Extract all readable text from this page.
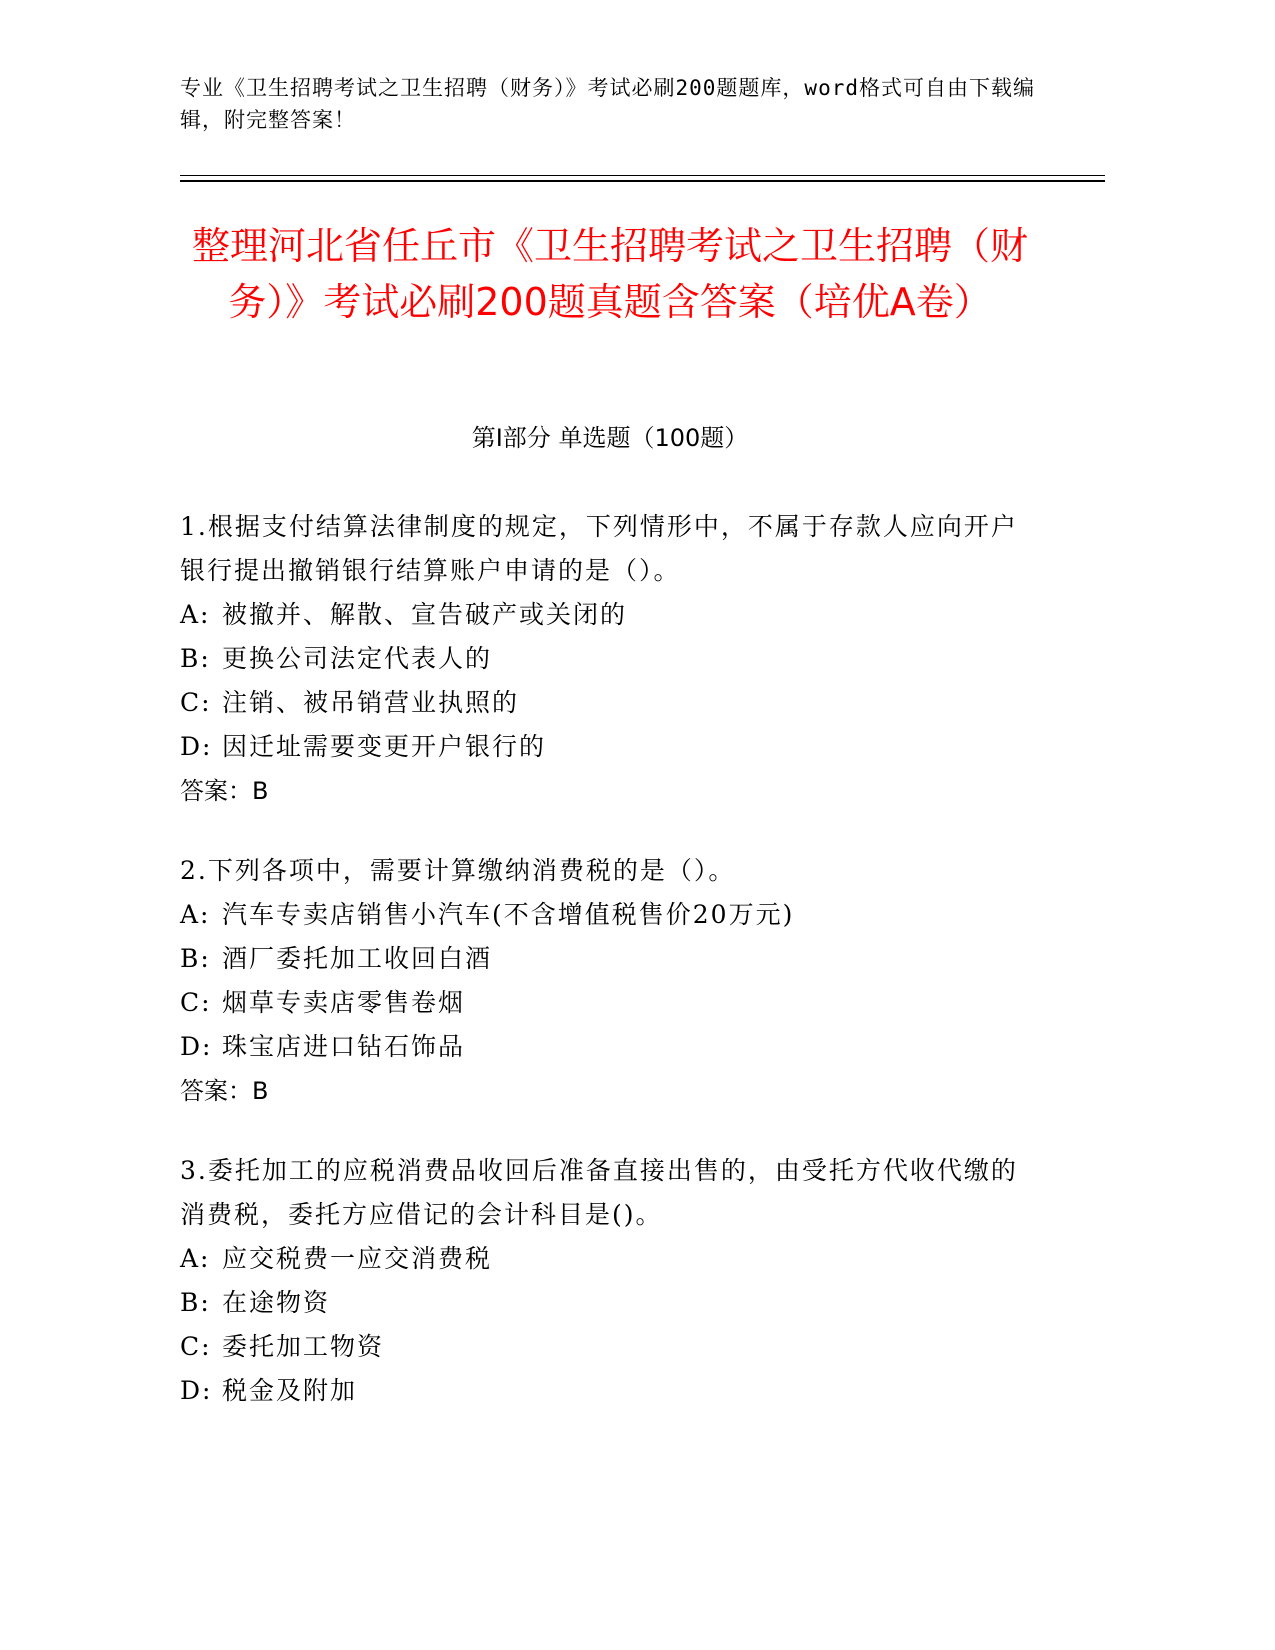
专业《卫生招聘考试之卫生招聘（财务）》考试必刷200题题库，word格式可自由下载编辑，附完整答案！
整理河北省任丘市《卫生招聘考试之卫生招聘（财务）》考试必刷200题真题含答案（培优A卷）
第I部分 单选题（100题）
1.根据支付结算法律制度的规定，下列情形中，不属于存款人应向开户银行提出撤销银行结算账户申请的是（）。
A: 被撤并、解散、宣告破产或关闭的
B: 更换公司法定代表人的
C: 注销、被吊销营业执照的
D: 因迁址需要变更开户银行的
答案：B
2.下列各项中，需要计算缴纳消费税的是（）。
A: 汽车专卖店销售小汽车(不含增值税售价20万元)
B: 酒厂委托加工收回白酒
C: 烟草专卖店零售卷烟
D: 珠宝店进口钻石饰品
答案：B
3.委托加工的应税消费品收回后准备直接出售的，由受托方代收代缴的消费税，委托方应借记的会计科目是()。
A: 应交税费一应交消费税
B: 在途物资
C: 委托加工物资
D: 税金及附加
